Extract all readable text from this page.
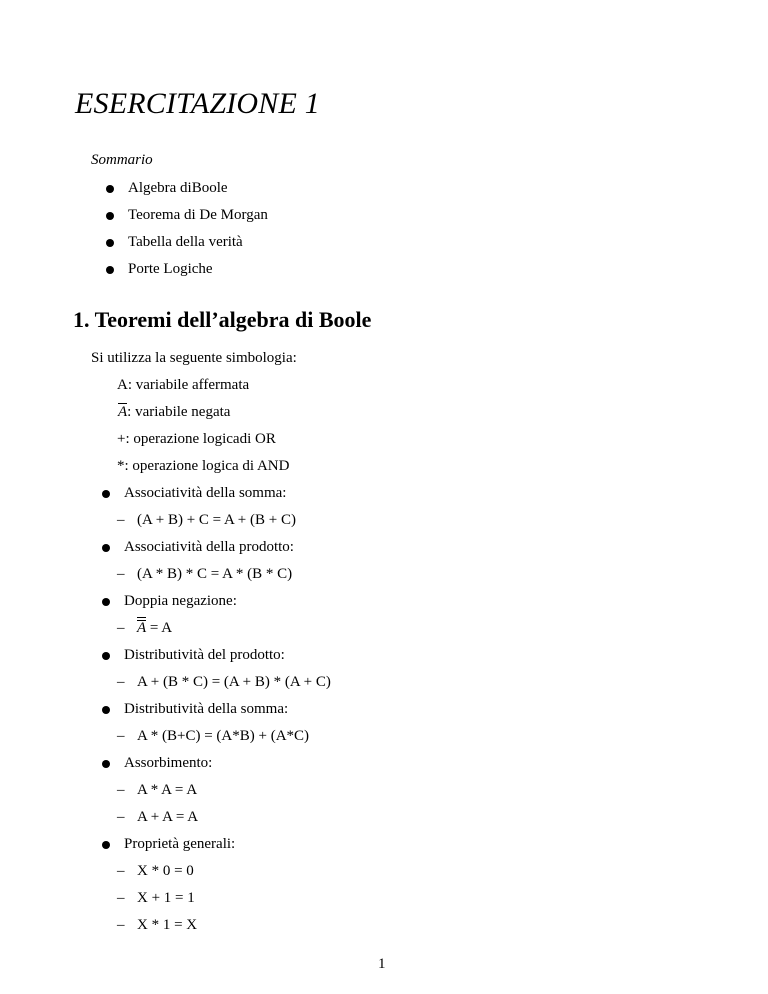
ESERCITAZIONE 1
Sommario
Algebra diBoole
Teorema di De Morgan
Tabella della verità
Porte Logiche
1. Teoremi dell’algebra di Boole
Si utilizza la seguente simbologia:
A: variabile affermata
A: variabile negata
+: operazione logicadi OR
*: operazione logica di AND
Associatività della somma:
– (A + B) + C = A + (B + C)
Associatività della prodotto:
– (A * B) * C = A * (B * C)
Doppia negazione:
– A = A
Distributività del prodotto:
– A + (B * C) = (A + B) * (A + C)
Distributività della somma:
– A * (B+C) = (A*B) + (A*C)
Assorbimento:
– A * A = A
– A + A = A
Proprietà generali:
– X * 0 = 0
– X + 1 = 1
– X * 1 = X
1
